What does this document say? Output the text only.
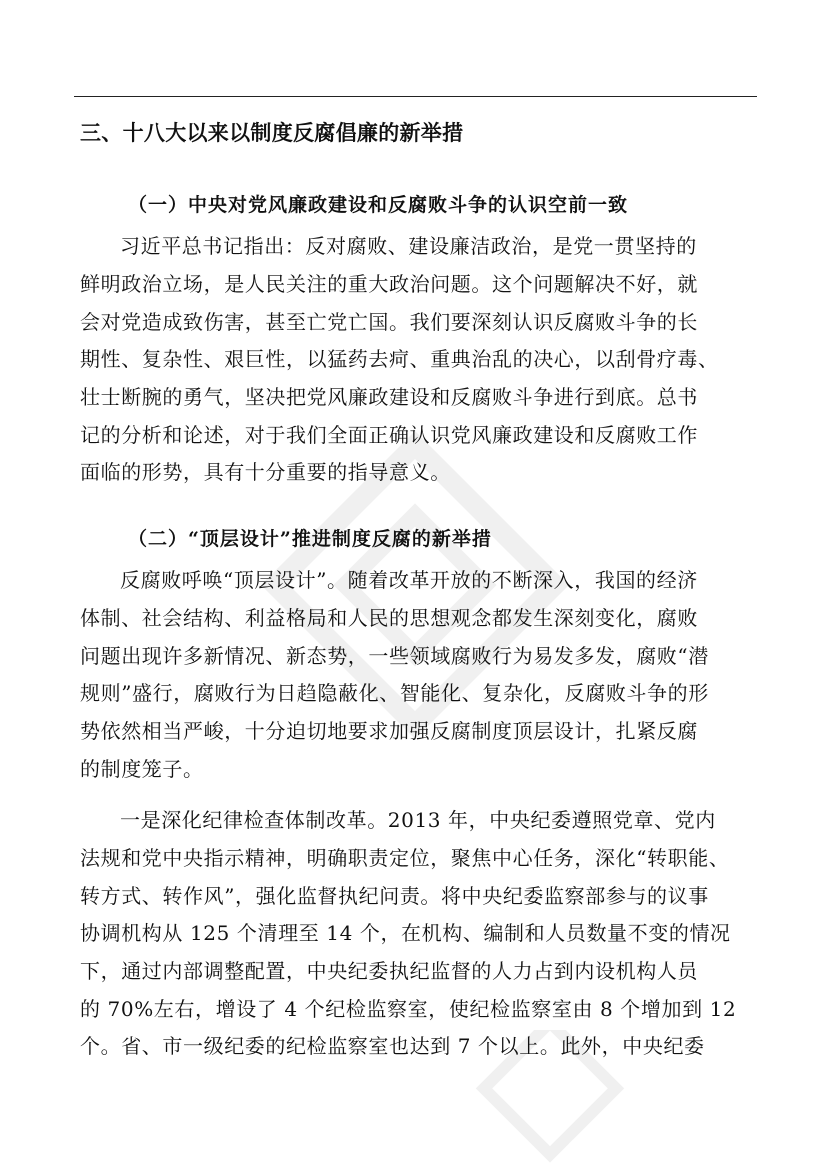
三、十八大以来以制度反腐倡廉的新举措
（一）中央对党风廉政建设和反腐败斗争的认识空前一致

习近平总书记指出：反对腐败、建设廉洁政治，是党一贯坚持的

鲜明政治立场，是人民关注的重大政治问题。这个问题解决不好，就

会对党造成致伤害，甚至亡党亡国。我们要深刻认识反腐败斗争的长

期性、复杂性、艰巨性，以猛药去疴、重典治乱的决心，以刮骨疗毒、

壮士断腕的勇气，坚决把党风廉政建设和反腐败斗争进行到底。总书

记的分析和论述，对于我们全面正确认识党风廉政建设和反腐败工作

面临的形势，具有十分重要的指导意义。

（二）“顶层设计”推进制度反腐的新举措

反腐败呼唤“顶层设计”。随着改革开放的不断深入，我国的经济

体制、社会结构、利益格局和人民的思想观念都发生深刻变化，腐败

问题出现许多新情况、新态势，一些领域腐败行为易发多发，腐败“潜

规则”盛行，腐败行为日趋隐蔽化、智能化、复杂化，反腐败斗争的形

势依然相当严峻，十分迫切地要求加强反腐制度顶层设计，扎紧反腐

的制度笼子。

一是深化纪律检查体制改革。2013 年，中央纪委遵照党章、党内

法规和党中央指示精神，明确职责定位，聚焦中心任务，深化“转职能、

转方式、转作风”，强化监督执纪问责。将中央纪委监察部参与的议事

协调机构从 125 个清理至 14 个，在机构、编制和人员数量不变的情况

下，通过内部调整配置，中央纪委执纪监督的人力占到内设机构人员

的 70%左右，增设了 4 个纪检监察室，使纪检监察室由 8 个增加到 12

个。省、市一级纪委的纪检监察室也达到 7 个以上。此外，中央纪委
